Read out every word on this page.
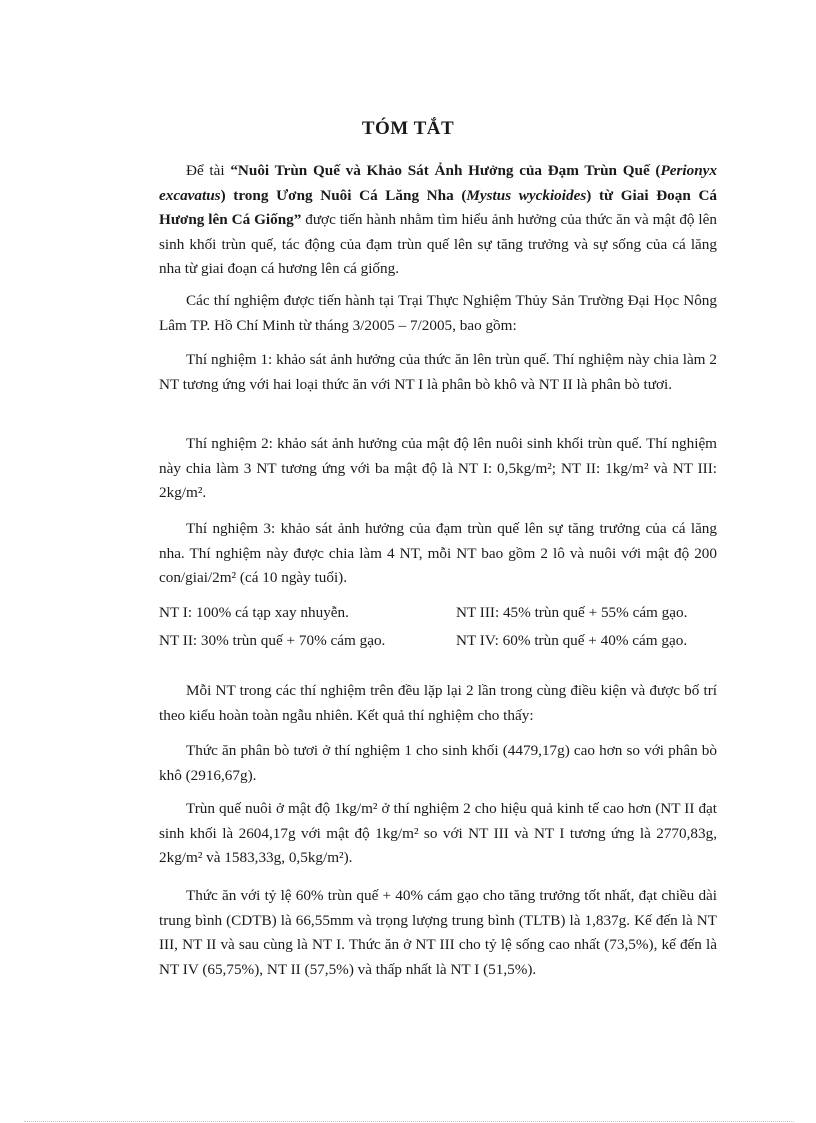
TÓM TẮT
Để tài “Nuôi Trùn Quế và Khảo Sát Ảnh Hưởng của Đạm Trùn Quế (Perionyx excavatus) trong Ương Nuôi Cá Lăng Nha (Mystus wyckioides) từ Giai Đoạn Cá Hương lên Cá Giống” được tiến hành nhằm tìm hiểu ảnh hưởng của thức ăn và mật độ lên sinh khối trùn quế, tác động của đạm trùn quế lên sự tăng trưởng và sự sống của cá lăng nha từ giai đoạn cá hương lên cá giống.
Các thí nghiệm được tiến hành tại Trại Thực Nghiệm Thủy Sản Trường Đại Học Nông Lâm TP. Hồ Chí Minh từ tháng 3/2005 – 7/2005, bao gồm:
Thí nghiệm 1: khảo sát ảnh hưởng của thức ăn lên trùn quế. Thí nghiệm này chia làm 2 NT tương ứng với hai loại thức ăn với NT I là phân bò khô và NT II là phân bò tươi.
Thí nghiệm 2: khảo sát ảnh hưởng của mật độ lên nuôi sinh khối trùn quế. Thí nghiệm này chia làm 3 NT tương ứng với ba mật độ là NT I: 0,5kg/m²; NT II: 1kg/m² và NT III: 2kg/m².
Thí nghiệm 3: khảo sát ảnh hưởng của đạm trùn quế lên sự tăng trưởng của cá lăng nha. Thí nghiệm này được chia làm 4 NT, mỗi NT bao gồm 2 lô và nuôi với mật độ 200 con/giai/2m² (cá 10 ngày tuổi).
NT I: 100% cá tạp xay nhuyễn.	NT III: 45% trùn quế + 55% cám gạo.
NT II: 30% trùn quế + 70% cám gạo.	NT IV: 60% trùn quế + 40% cám gạo.
Mỗi NT trong các thí nghiệm trên đều lặp lại 2 lần trong cùng điều kiện và được bố trí theo kiểu hoàn toàn ngẫu nhiên. Kết quả thí nghiệm cho thấy:
Thức ăn phân bò tươi ở thí nghiệm 1 cho sinh khối (4479,17g) cao hơn so với phân bò khô (2916,67g).
Trùn quế nuôi ở mật độ 1kg/m² ở thí nghiệm 2 cho hiệu quả kinh tế cao hơn (NT II đạt sinh khối là 2604,17g với mật độ 1kg/m² so với NT III và NT I tương ứng là 2770,83g, 2kg/m² và 1583,33g, 0,5kg/m²).
Thức ăn với tỷ lệ 60% trùn quế + 40% cám gạo cho tăng trưởng tốt nhất, đạt chiều dài trung bình (CDTB) là 66,55mm và trọng lượng trung bình (TLTB) là 1,837g. Kế đến là NT III, NT II và sau cùng là NT I. Thức ăn ở NT III cho tỷ lệ sống cao nhất (73,5%), kế đến là NT IV (65,75%), NT II (57,5%) và thấp nhất là NT I (51,5%).
